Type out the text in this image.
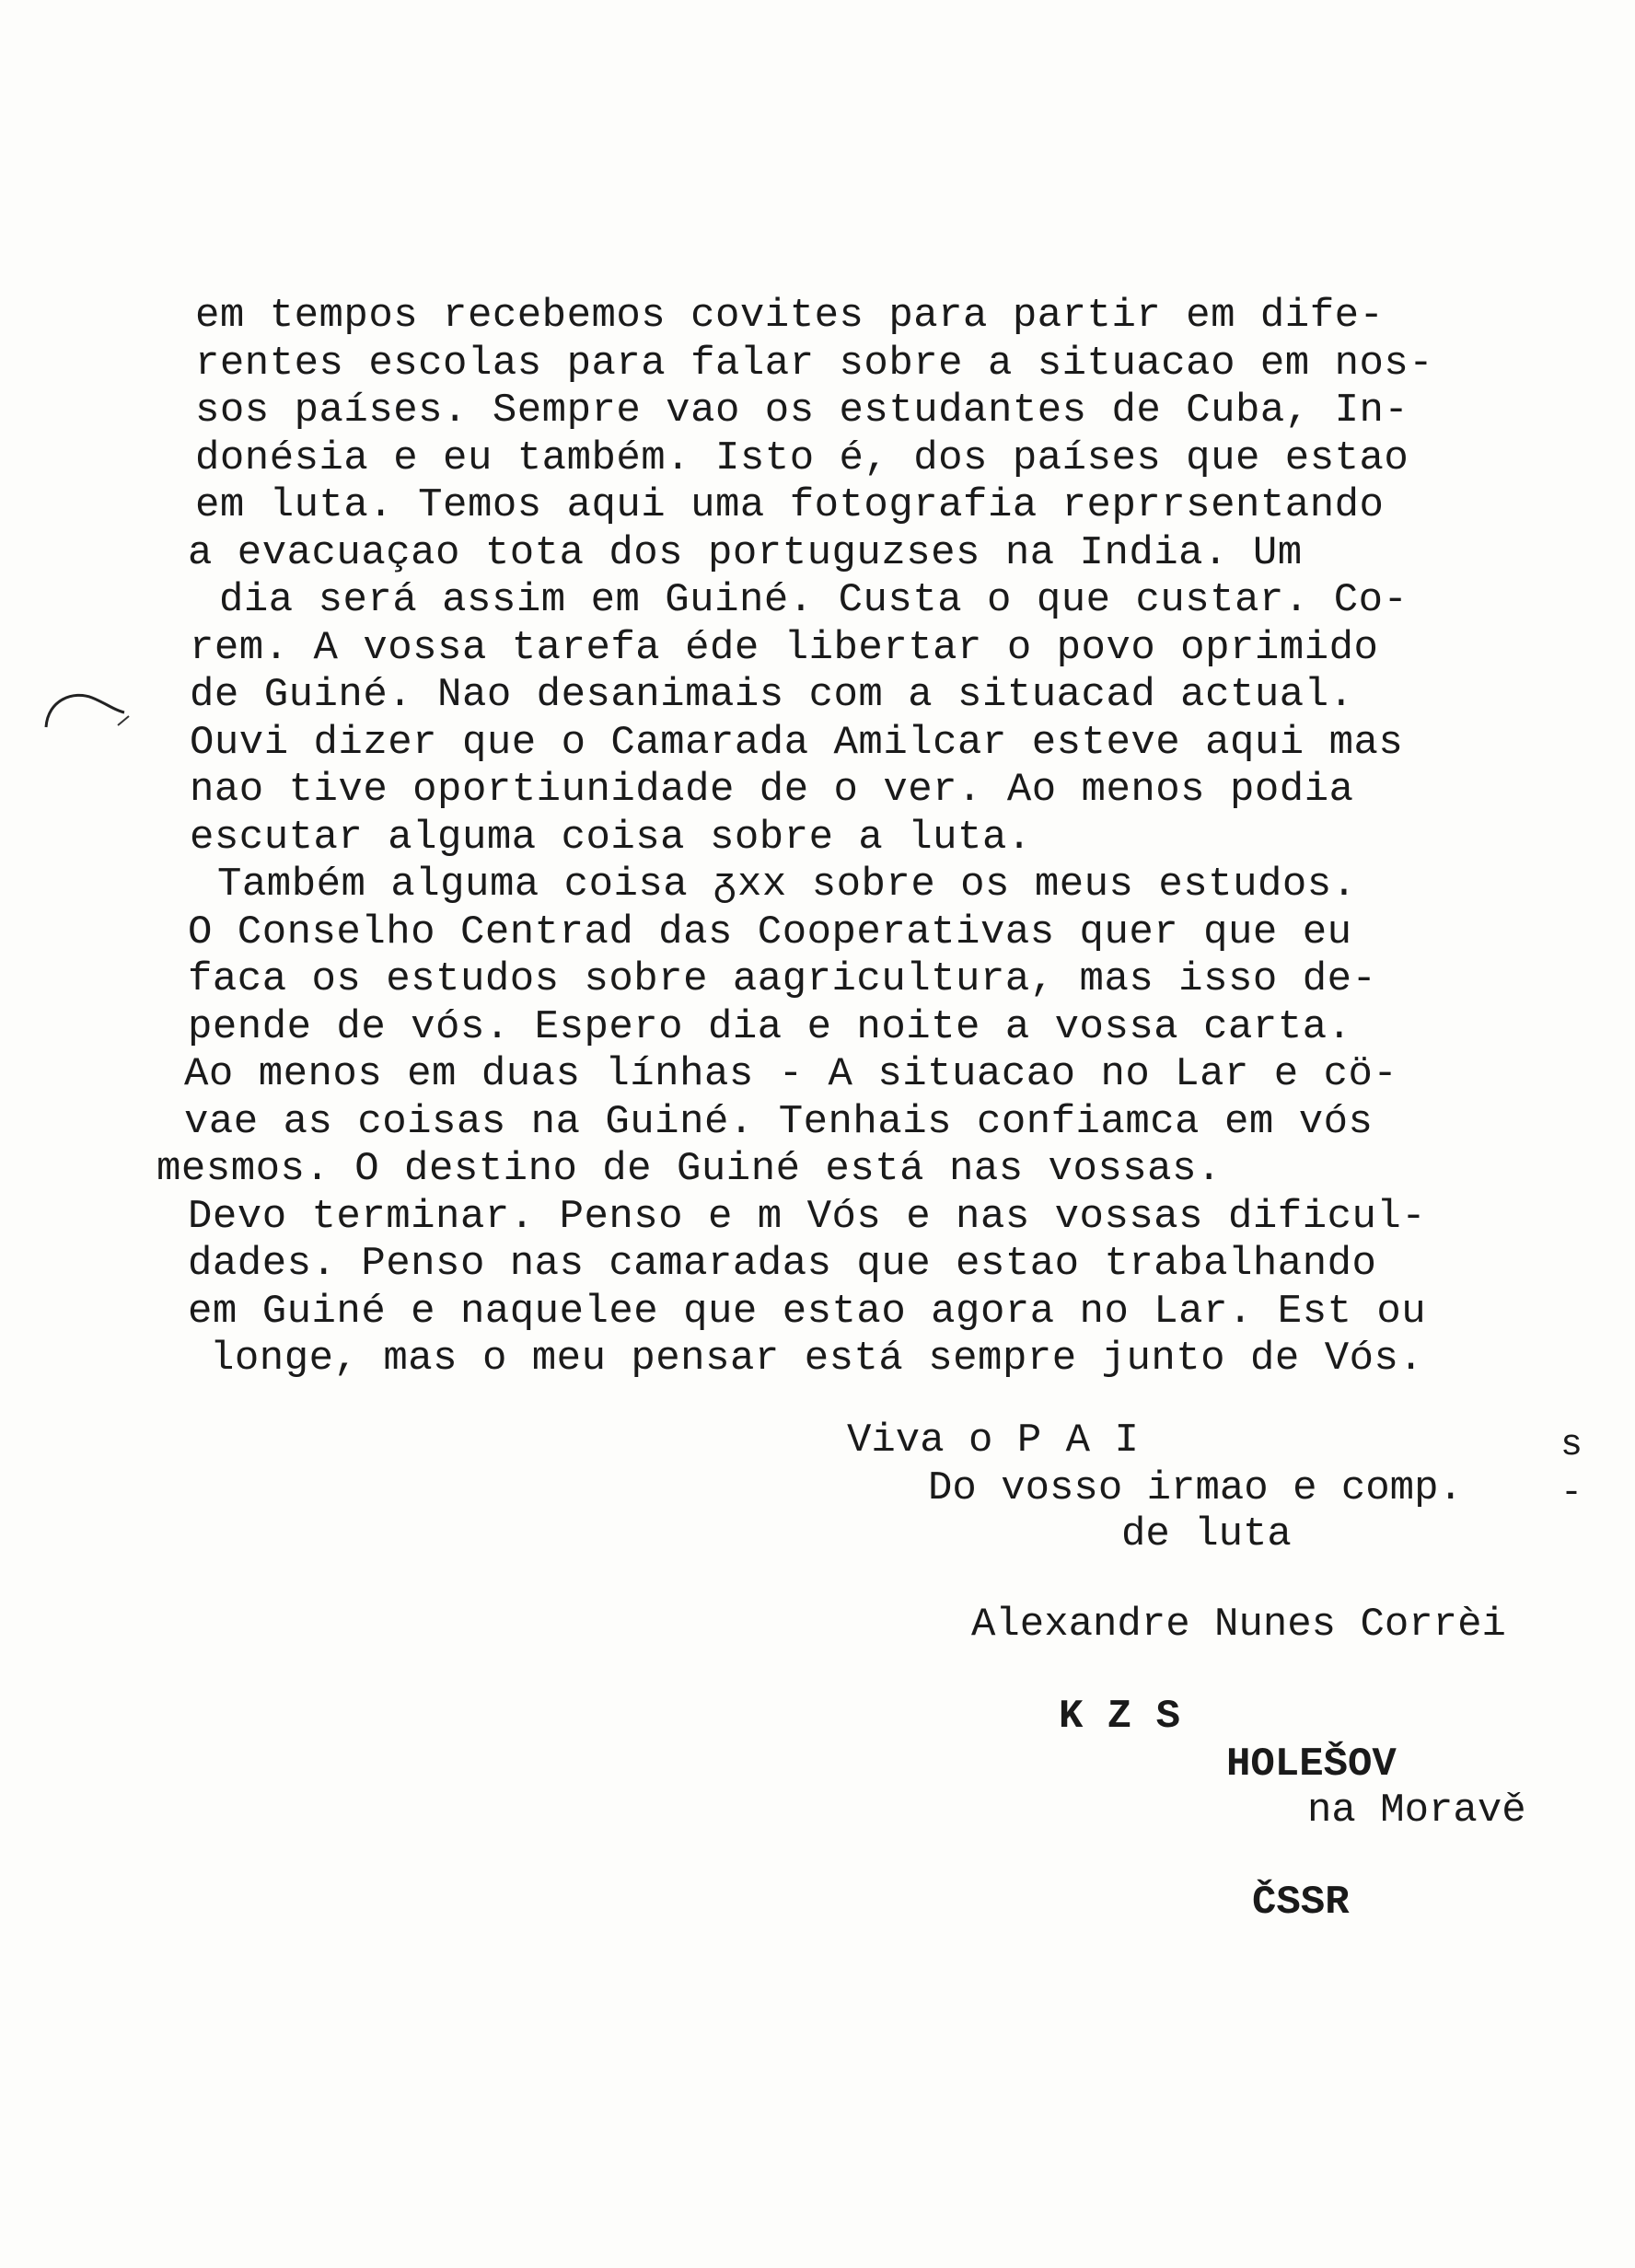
em tempos recebemos covites para partir em dife-
rentes escolas para falar sobre a situacao em nos-
sos países. Sempre vao os estudantes de Cuba, In-
donésia e eu também. Isto é, dos países que estao
em luta. Temos aqui uma fotografia reprrsentando
a evacuaçao tota dos portuguzses na India. Um
dia será assim em Guiné. Custa o que custar. Co-
rem. A vossa tarefa éde libertar o povo oprimido
de Guiné. Nao desanimais com a situacad actual.
Ouvi dizer que o Camarada Amilcar esteve aqui mas
nao tive oportiunidade de o ver. Ao menos podia
escutar alguma coisa sobre a luta.
Também alguma coisa ᵹxx sobre os meus estudos.
O Conselho Centrad das Cooperativas quer que eu
faca os estudos sobre aagricultura, mas isso de-
pende de vós. Espero dia e noite a vossa carta.
Ao menos em duas línhas - A situacao no Lar e cö-
vae as coisas na Guiné. Tenhais confiamca em vós
mesmos. O destino de Guiné está nas vossas.
Devo terminar. Penso e m Vós e nas vossas dificul-
dades. Penso nas camaradas que estao trabalhando
em Guiné e naquelee que estao agora no Lar. Est ou
longe, mas o meu pensar está sempre junto de Vós.
Viva o P A I	s
Do vosso irmao e comp.	-
de luta
Alexandre Nunes Corrèi
K Z S
HOLEŠOV
na Moravě
ČSSR
